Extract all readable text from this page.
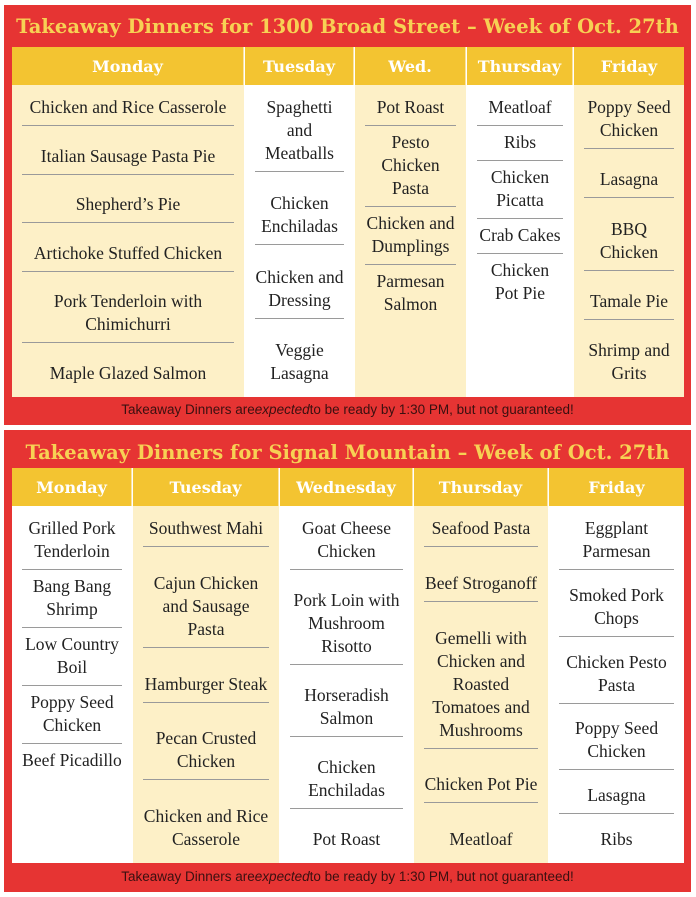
Takeaway Dinners for 1300 Broad Street – Week of Oct. 27th
Monday
Chicken and Rice Casserole
Italian Sausage Pasta Pie
Shepherd’s Pie
Artichoke Stuffed Chicken
Pork Tenderloin with Chimichurri
Maple Glazed Salmon
Tuesday
Spaghetti and Meatballs
Chicken Enchiladas
Chicken and Dressing
Veggie Lasagna
Wed.
Pot Roast
Pesto Chicken Pasta
Chicken and Dumplings
Parmesan Salmon
Thursday
Meatloaf
Ribs
Chicken Picatta
Crab Cakes
Chicken Pot Pie
Friday
Poppy Seed Chicken
Lasagna
BBQ Chicken
Tamale Pie
Shrimp and Grits

Takeaway Dinners are expected to be ready by 1:30 PM, but not guaranteed!

Takeaway Dinners for Signal Mountain – Week of Oct. 27th
Monday
Grilled Pork Tenderloin
Bang Bang Shrimp
Low Country Boil
Poppy Seed Chicken
Beef Picadillo
Tuesday
Southwest Mahi
Cajun Chicken and Sausage Pasta
Hamburger Steak
Pecan Crusted Chicken
Chicken and Rice Casserole
Wednesday
Goat Cheese Chicken
Pork Loin with Mushroom Risotto
Horseradish Salmon
Chicken Enchiladas
Pot Roast
Thursday
Seafood Pasta
Beef Stroganoff
Gemelli with Chicken and Roasted Tomatoes and Mushrooms
Chicken Pot Pie
Meatloaf
Friday
Eggplant Parmesan
Smoked Pork Chops
Chicken Pesto Pasta
Poppy Seed Chicken
Lasagna
Ribs

Takeaway Dinners are expected to be ready by 1:30 PM, but not guaranteed!
